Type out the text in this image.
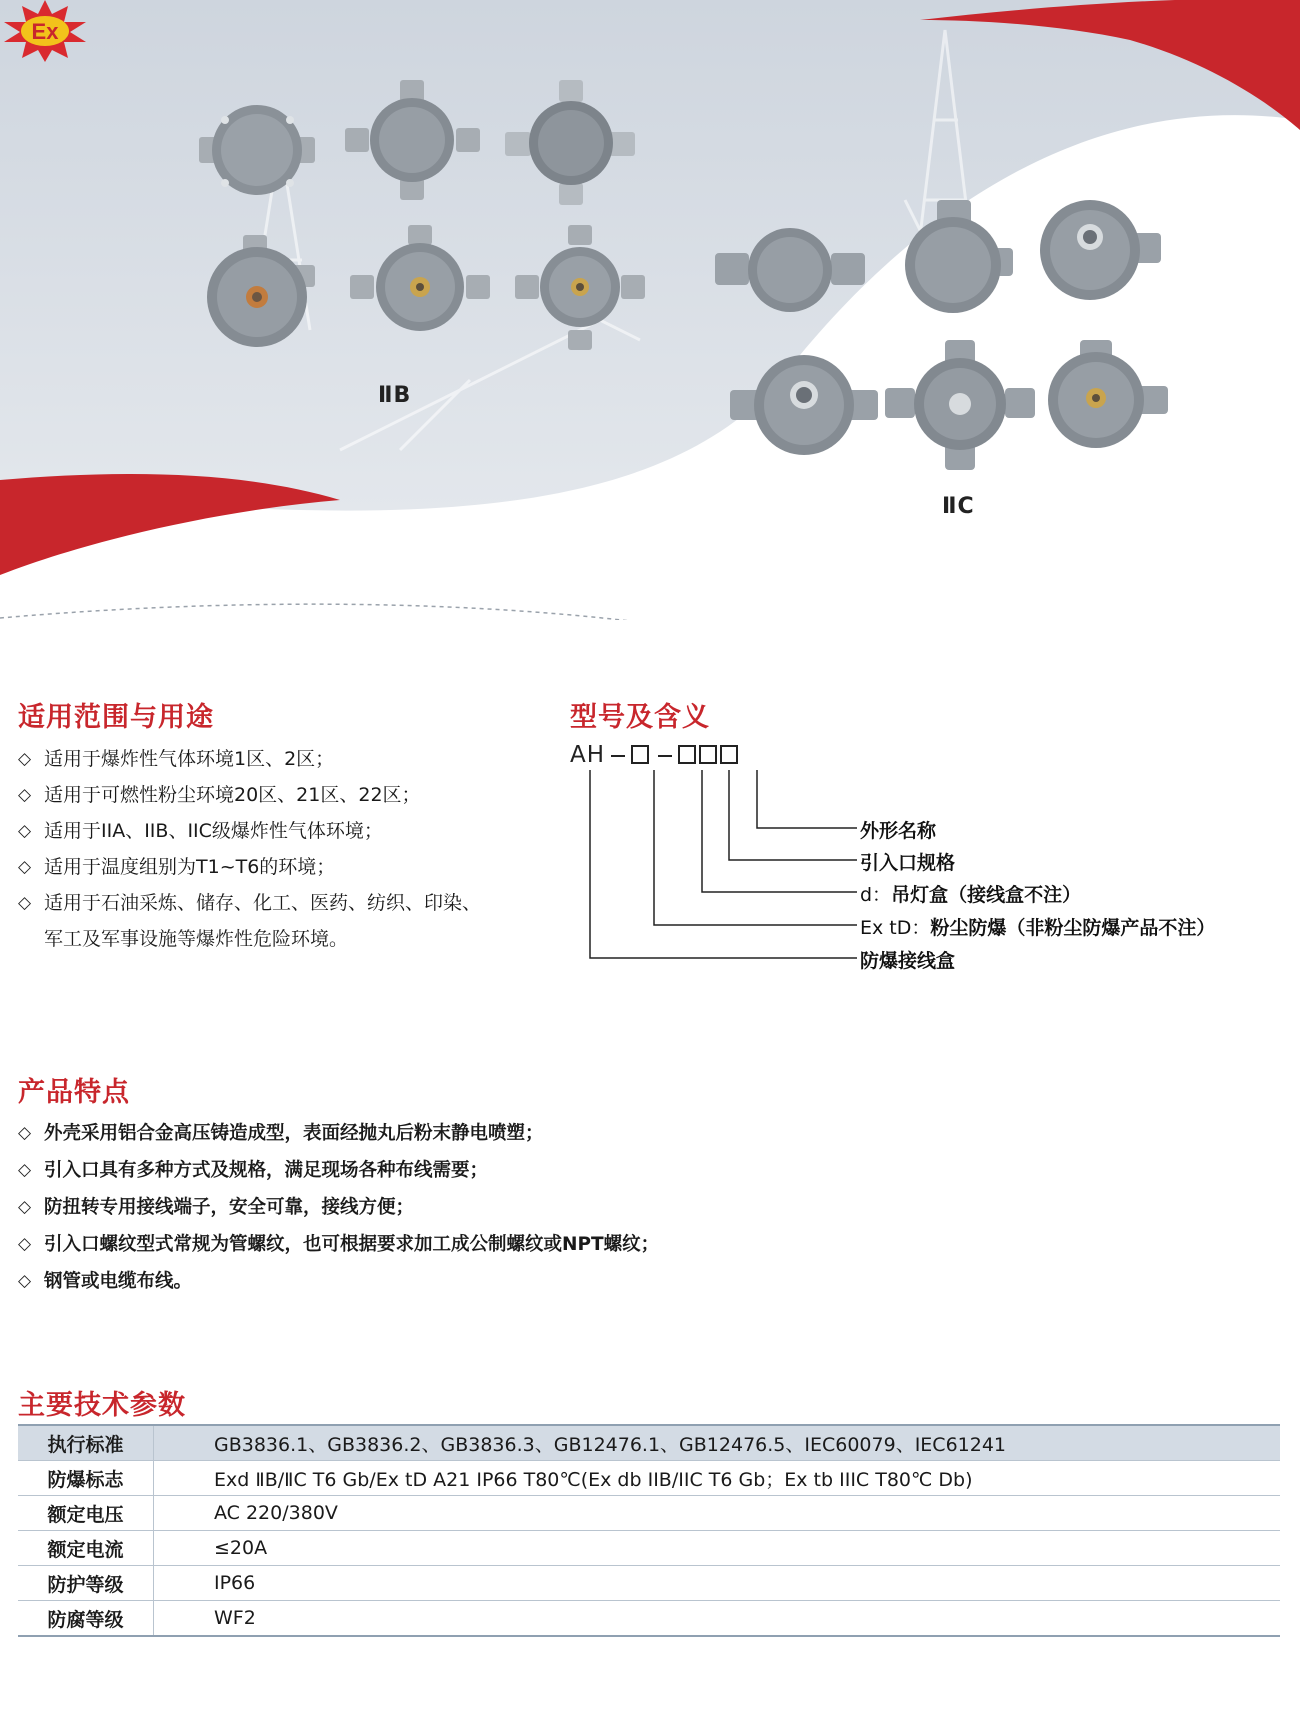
Ex
ⅡB
ⅡC
适用范围与用途
◇ 适用于爆炸性气体环境1区、2区；
◇ 适用于可燃性粉尘环境20区、21区、22区；
◇ 适用于IIA、IIB、IIC级爆炸性气体环境；
◇ 适用于温度组别为T1~T6的环境；
◇ 适用于石油采炼、储存、化工、医药、纺织、印染、
军工及军事设施等爆炸性危险环境。
型号及含义
AH
外形名称
引入口规格
d：吊灯盒（接线盒不注）
Ex tD：粉尘防爆（非粉尘防爆产品不注）
防爆接线盒
产品特点
◇ 外壳采用铝合金高压铸造成型，表面经抛丸后粉末静电喷塑；
◇ 引入口具有多种方式及规格，满足现场各种布线需要；
◇ 防扭转专用接线端子，安全可靠，接线方便；
◇ 引入口螺纹型式常规为管螺纹，也可根据要求加工成公制螺纹或NPT螺纹；
◇ 钢管或电缆布线。
主要技术参数
执行标准	GB3836.1、GB3836.2、GB3836.3、GB12476.1、GB12476.5、IEC60079、IEC61241
防爆标志	Exd ⅡB/ⅡC T6 Gb/Ex tD A21 IP66 T80℃(Ex db IIB/IIC T6 Gb；Ex tb IIIC T80℃ Db)
额定电压	AC 220/380V
额定电流	≤20A
防护等级	IP66
防腐等级	WF2
